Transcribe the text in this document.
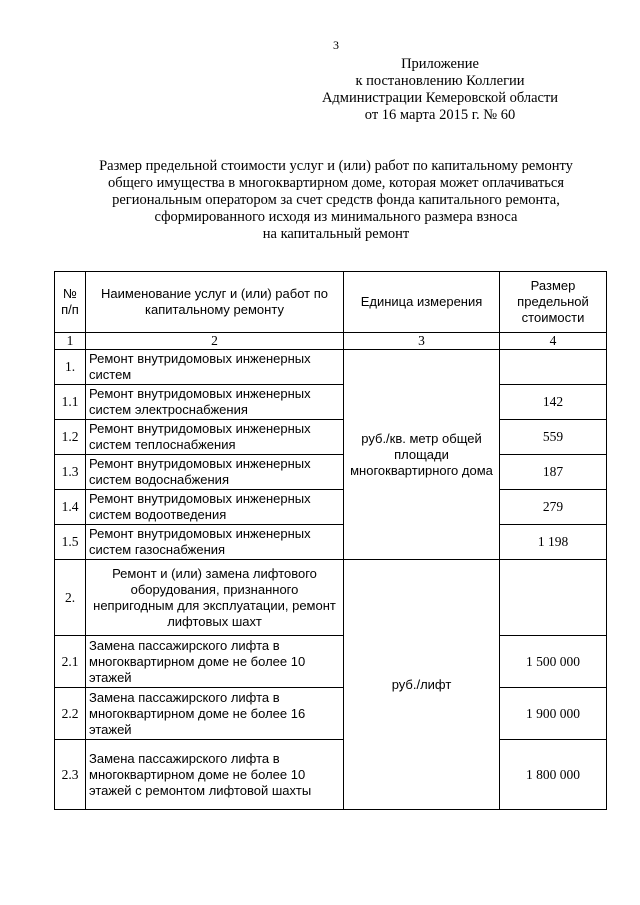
3
Приложение
к постановлению Коллегии
Администрации Кемеровской области
от 16 марта 2015 г. № 60
Размер предельной стоимости услуг и (или) работ по капитальному ремонту
общего имущества в многоквартирном доме, которая может оплачиваться
региональным оператором за счет средств фонда капитального ремонта,
сформированного исходя из минимального размера взноса
на капитальный ремонт
№ п/п	Наименование услуг и (или) работ по капитальному ремонту	Единица измерения	Размер предельной стоимости
1	2	3	4
1.	Ремонт внутридомовых инженерных систем	руб./кв. метр общей площади многоквартирного дома	
1.1	Ремонт внутридомовых инженерных систем электроснабжения		142
1.2	Ремонт внутридомовых инженерных систем теплоснабжения		559
1.3	Ремонт внутридомовых инженерных систем водоснабжения		187
1.4	Ремонт внутридомовых инженерных систем водоотведения		279
1.5	Ремонт внутридомовых инженерных систем газоснабжения		1 198
2.	Ремонт и (или) замена лифтового оборудования, признанного непригодным для эксплуатации, ремонт лифтовых шахт	руб./лифт	
2.1	Замена пассажирского лифта в многоквартирном доме не более 10 этажей		1 500 000
2.2	Замена пассажирского лифта в многоквартирном доме не более 16 этажей		1 900 000
2.3	Замена пассажирского лифта в многоквартирном доме не более 10 этажей с ремонтом лифтовой шахты		1 800 000
